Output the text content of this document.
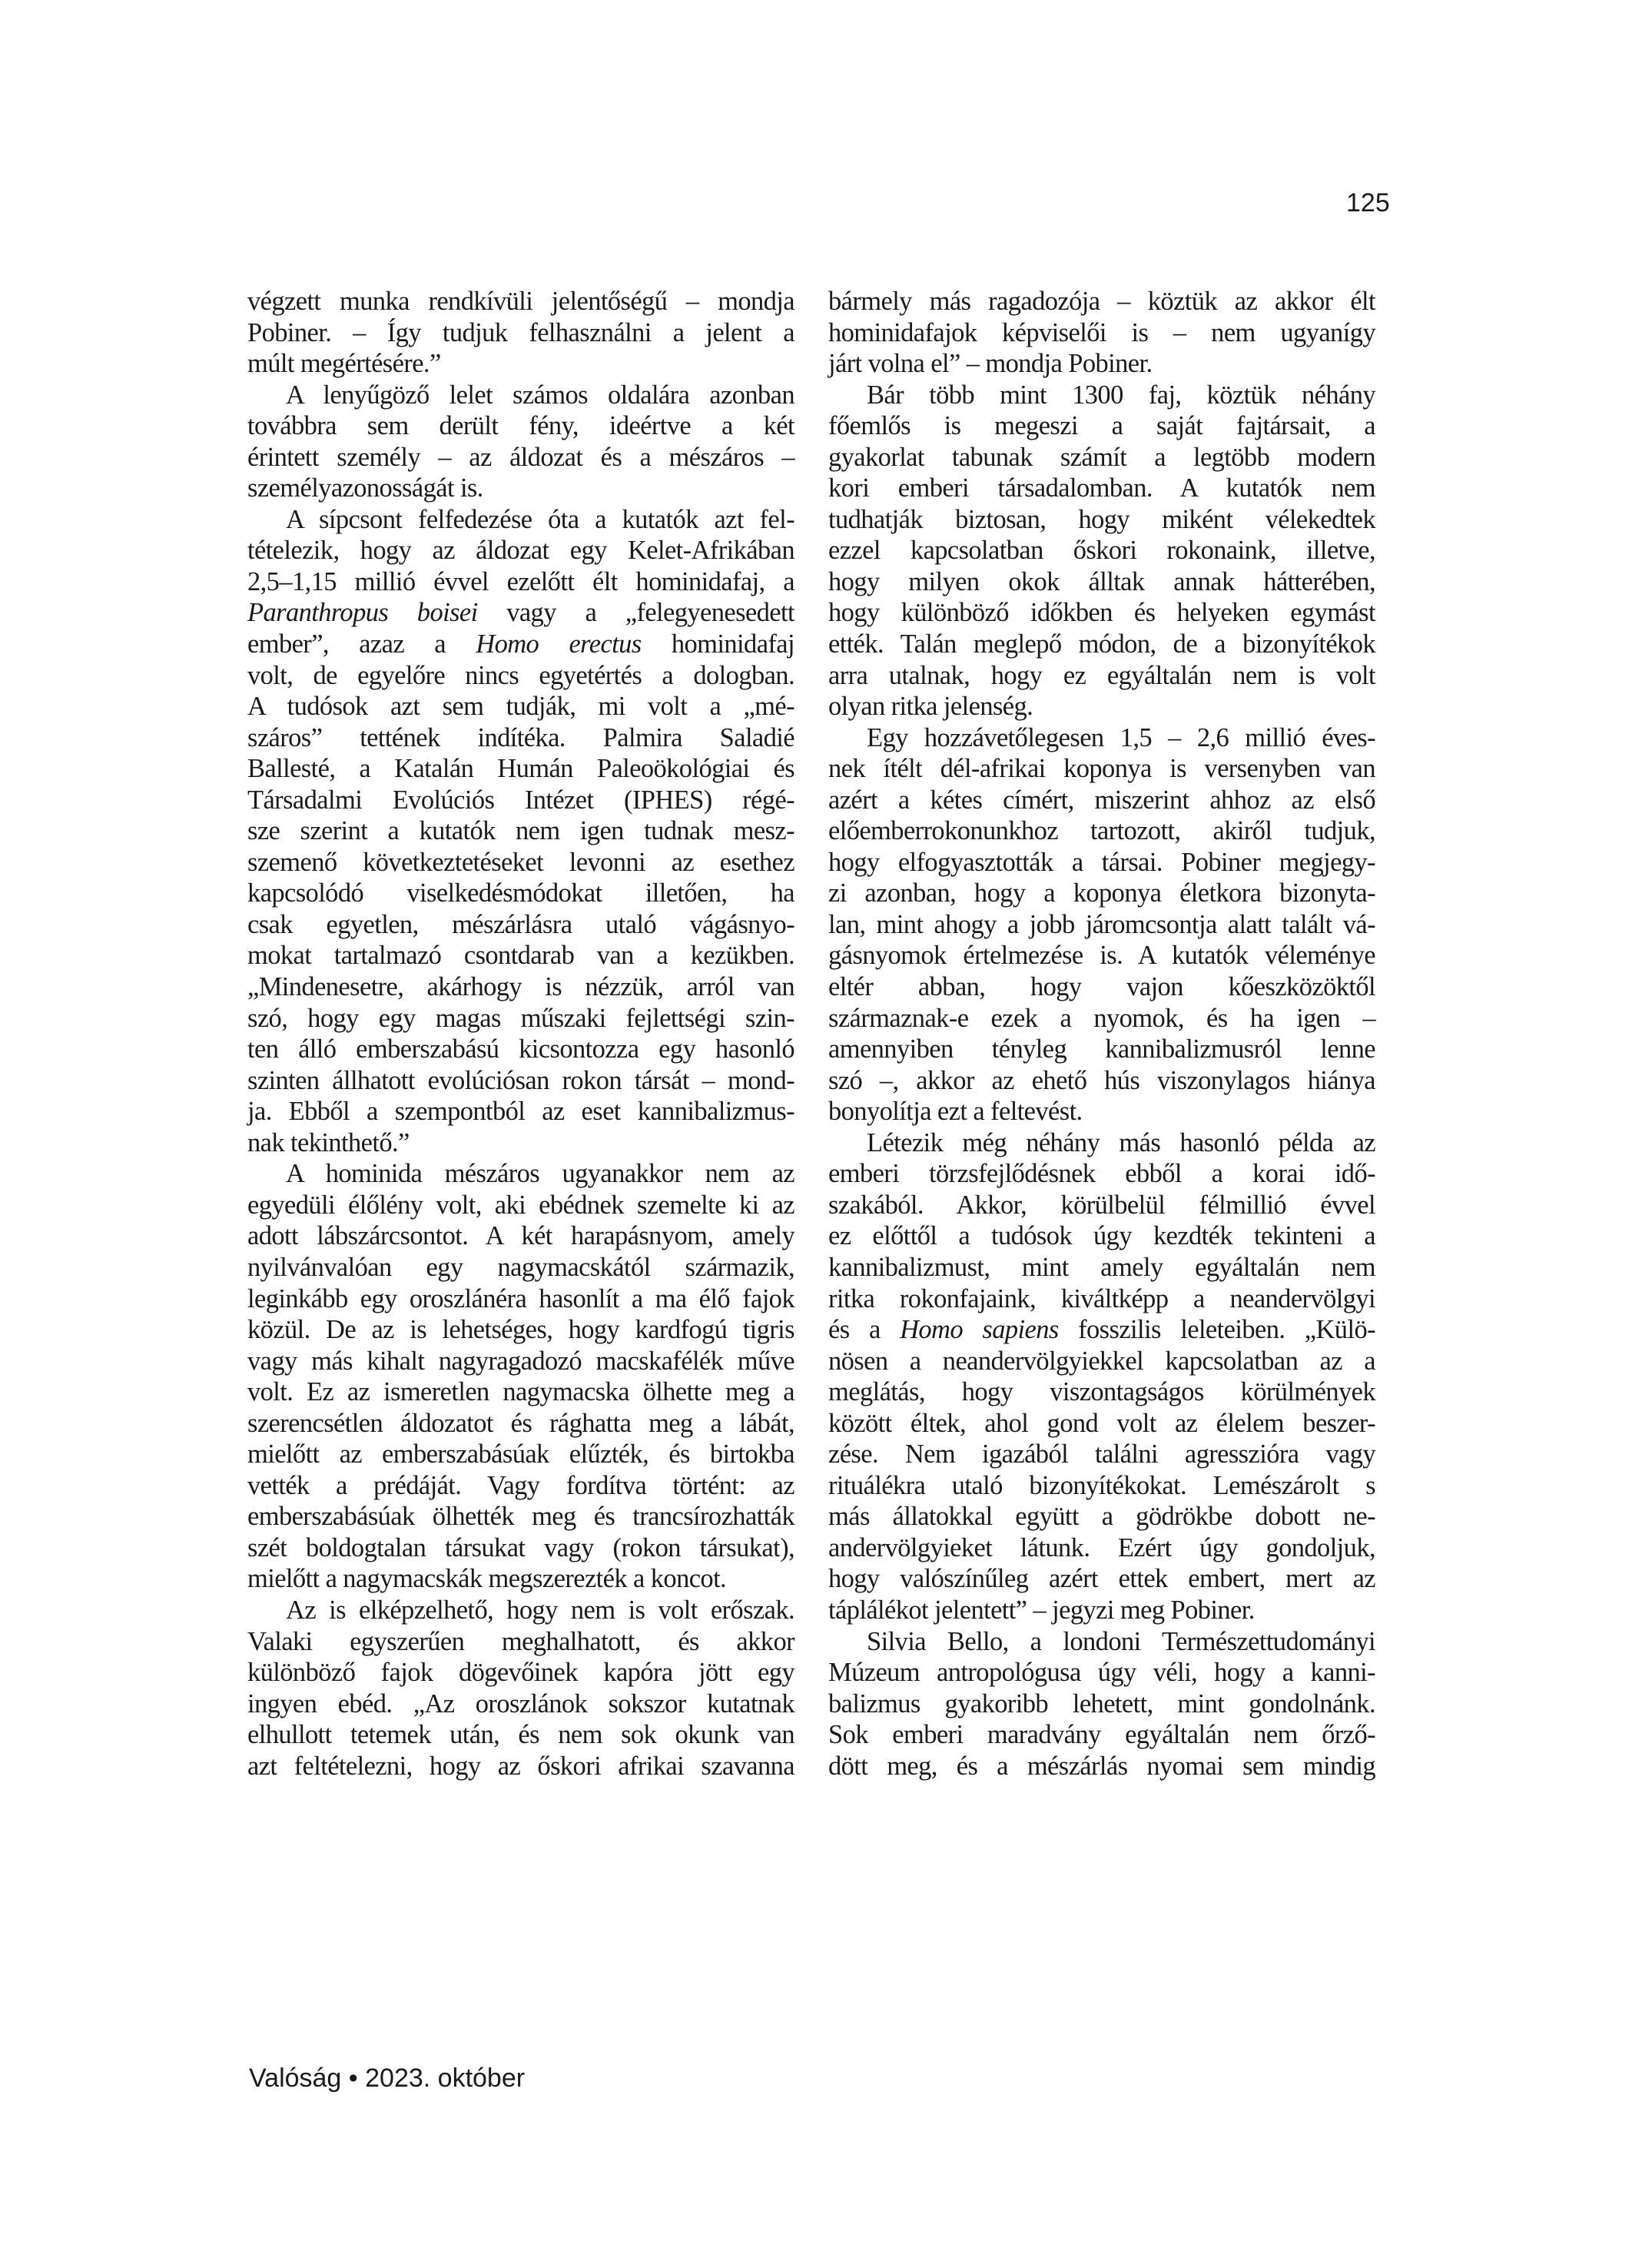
125
végzett munka rendkívüli jelentőségű – mondja
Pobiner. – Így tudjuk felhasználni a jelent a
múlt megértésére.”
A lenyűgöző lelet számos oldalára azonban
továbbra sem derült fény, ideértve a két
érintett személy – az áldozat és a mészáros –
személyazonosságát is.
A sípcsont felfedezése óta a kutatók azt fel-
tételezik, hogy az áldozat egy Kelet-Afrikában
2,5–1,15 millió évvel ezelőtt élt hominidafaj, a
Paranthropus boisei vagy a „felegyenesedett
ember”, azaz a Homo erectus hominidafaj
volt, de egyelőre nincs egyetértés a dologban.
A tudósok azt sem tudják, mi volt a „mé-
száros” tettének indítéka. Palmira Saladié
Ballesté, a Katalán Humán Paleoökológiai és
Társadalmi Evolúciós Intézet (IPHES) régé-
sze szerint a kutatók nem igen tudnak mesz-
szemenő következtetéseket levonni az esethez
kapcsolódó viselkedésmódokat illetően, ha
csak egyetlen, mészárlásra utaló vágásnyo-
mokat tartalmazó csontdarab van a kezükben.
„Mindenesetre, akárhogy is nézzük, arról van
szó, hogy egy magas műszaki fejlettségi szin-
ten álló emberszabású kicsontozza egy hasonló
szinten állhatott evolúciósan rokon társát – mond-
ja. Ebből a szempontból az eset kannibalizmus-
nak tekinthető.”
A hominida mészáros ugyanakkor nem az
egyedüli élőlény volt, aki ebédnek szemelte ki az
adott lábszárcsontot. A két harapásnyom, amely
nyilvánvalóan egy nagymacskától származik,
leginkább egy oroszlánéra hasonlít a ma élő fajok
közül. De az is lehetséges, hogy kardfogú tigris
vagy más kihalt nagyragadozó macskafélék műve
volt. Ez az ismeretlen nagymacska ölhette meg a
szerencsétlen áldozatot és rághatta meg a lábát,
mielőtt az emberszabásúak elűzték, és birtokba
vették a prédáját. Vagy fordítva történt: az
emberszabásúak ölhették meg és trancsírozhatták
szét boldogtalan társukat vagy (rokon társukat),
mielőtt a nagymacskák megszerezték a koncot.
Az is elképzelhető, hogy nem is volt erőszak.
Valaki egyszerűen meghalhatott, és akkor
különböző fajok dögevőinek kapóra jött egy
ingyen ebéd. „Az oroszlánok sokszor kutatnak
elhullott tetemek után, és nem sok okunk van
azt feltételezni, hogy az őskori afrikai szavanna
bármely más ragadozója – köztük az akkor élt
hominidafajok képviselői is – nem ugyanígy
járt volna el” – mondja Pobiner.
Bár több mint 1300 faj, köztük néhány
főemlős is megeszi a saját fajtársait, a
gyakorlat tabunak számít a legtöbb modern
kori emberi társadalomban. A kutatók nem
tudhatják biztosan, hogy miként vélekedtek
ezzel kapcsolatban őskori rokonaink, illetve,
hogy milyen okok álltak annak hátterében,
hogy különböző időkben és helyeken egymást
ették. Talán meglepő módon, de a bizonyítékok
arra utalnak, hogy ez egyáltalán nem is volt
olyan ritka jelenség.
Egy hozzávetőlegesen 1,5 – 2,6 millió éves-
nek ítélt dél-afrikai koponya is versenyben van
azért a kétes címért, miszerint ahhoz az első
előemberrokonunkhoz tartozott, akiről tudjuk,
hogy elfogyasztották a társai. Pobiner megjegy-
zi azonban, hogy a koponya életkora bizonyta-
lan, mint ahogy a jobb járomcsontja alatt talált vá-
gásnyomok értelmezése is. A kutatók véleménye
eltér abban, hogy vajon kőeszközöktől
származnak-e ezek a nyomok, és ha igen –
amennyiben tényleg kannibalizmusról lenne
szó –, akkor az ehető hús viszonylagos hiánya
bonyolítja ezt a feltevést.
Létezik még néhány más hasonló példa az
emberi törzsfejlődésnek ebből a korai idő-
szakából. Akkor, körülbelül félmillió évvel
ez előttől a tudósok úgy kezdték tekinteni a
kannibalizmust, mint amely egyáltalán nem
ritka rokonfajaink, kiváltképp a neandervölgyi
és a Homo sapiens fosszilis leleteiben. „Külö-
nösen a neandervölgyiekkel kapcsolatban az a
meglátás, hogy viszontagságos körülmények
között éltek, ahol gond volt az élelem beszer-
zése. Nem igazából találni agresszióra vagy
rituálékra utaló bizonyítékokat. Lemészárolt s
más állatokkal együtt a gödrökbe dobott ne-
andervölgyieket látunk. Ezért úgy gondoljuk,
hogy valószínűleg azért ettek embert, mert az
táplálékot jelentett” – jegyzi meg Pobiner.
Silvia Bello, a londoni Természettudományi
Múzeum antropológusa úgy véli, hogy a kanni-
balizmus gyakoribb lehetett, mint gondolnánk.
Sok emberi maradvány egyáltalán nem őrző-
dött meg, és a mészárlás nyomai sem mindig
Valóság • 2023. október
